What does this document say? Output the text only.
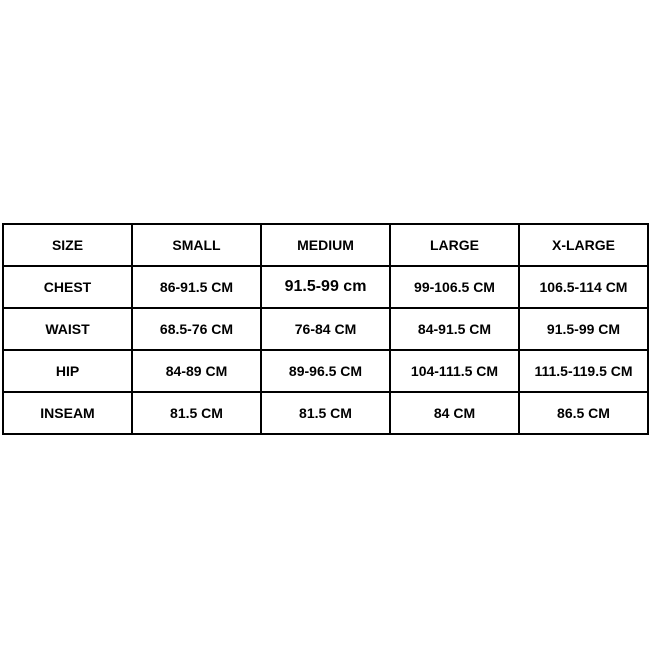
SIZE	SMALL	MEDIUM	LARGE	X-LARGE
CHEST	86-91.5 CM	91.5-99 cm	99-106.5 CM	106.5-114 CM
WAIST	68.5-76 CM	76-84 CM	84-91.5 CM	91.5-99 CM
HIP	84-89 CM	89-96.5 CM	104-111.5 CM	111.5-119.5 CM
INSEAM	81.5 CM	81.5 CM	84 CM	86.5 CM
